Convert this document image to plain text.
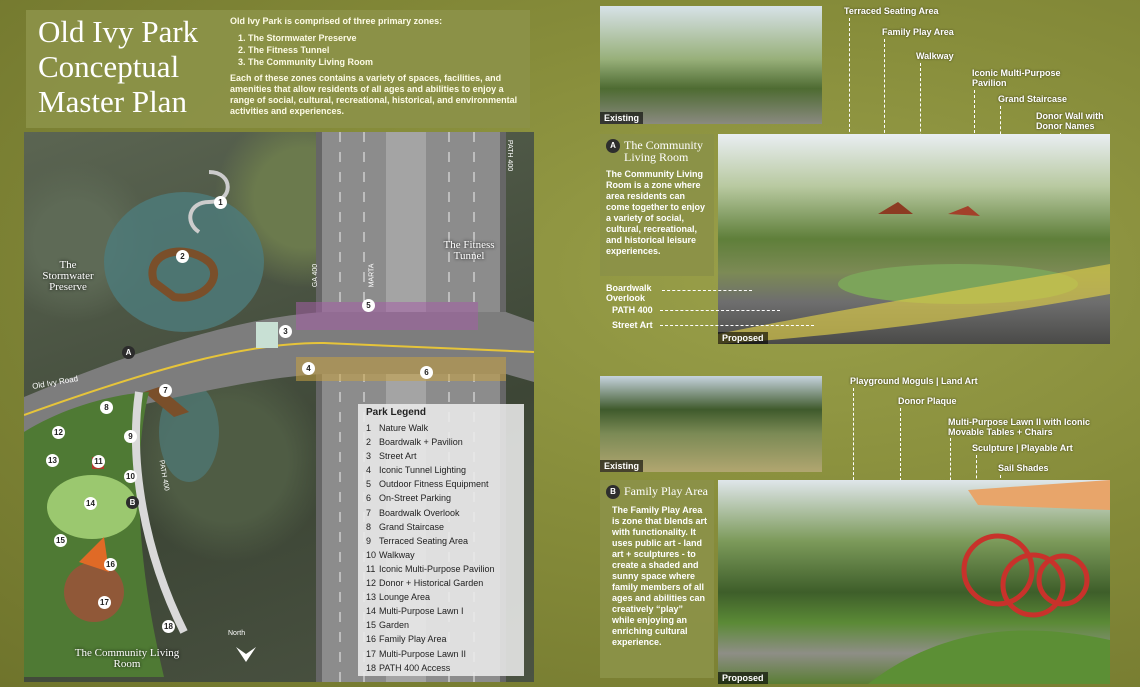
Old Ivy Park Conceptual Master Plan
Old Ivy Park is comprised of three primary zones:
1. The Stormwater Preserve
2. The Fitness Tunnel
3. The Community Living Room
Each of these zones contains a variety of spaces, facilities, and amenities that allow residents of all ages and abilities to enjoy a range of social, cultural, recreational, historical, and environmental activities and experiences.
The Stormwater Preserve
The Fitness Tunnel
The Community Living Room
Old Ivy Road
GA 400	MARTA
PATH 400
PATH 400
North
1
2
3
4
5
6
7
8
9
10
11
12
13
14
15
16
17
18
A
B
Park Legend
1 Nature Walk
2 Boardwalk + Pavilion
3 Street Art
4 Iconic Tunnel Lighting
5 Outdoor Fitness Equipment
6 On-Street Parking
7 Boardwalk Overlook
8 Grand Staircase
9 Terraced Seating Area
10 Walkway
11 Iconic Multi-Purpose Pavilion
12 Donor + Historical Garden
13 Lounge Area
14 Multi-Purpose Lawn I
15 Garden
16 Family Play Area
17 Multi-Purpose Lawn II
18 PATH 400 Access
Existing
Terraced Seating Area
Family Play Area
Walkway
Iconic Multi-Purpose Pavilion
Grand Staircase
Donor Wall with Donor Names
A The Community Living Room
The Community Living Room is a zone where area residents can come together to enjoy a variety of social, cultural, recreational, and historical leisure experiences.
Proposed
Boardwalk Overlook
PATH 400
Street Art
Existing
Playground Moguls | Land Art
Donor Plaque
Multi-Purpose Lawn II with Iconic Movable Tables + Chairs
Sculpture | Playable Art
Sail Shades
B Family Play Area
The Family Play Area is zone that blends art with functionality. It uses public art - land art + sculptures - to create a shaded and sunny space where family members of all ages and abilities can creatively “play” while enjoying an enriching cultural experience.
Proposed
